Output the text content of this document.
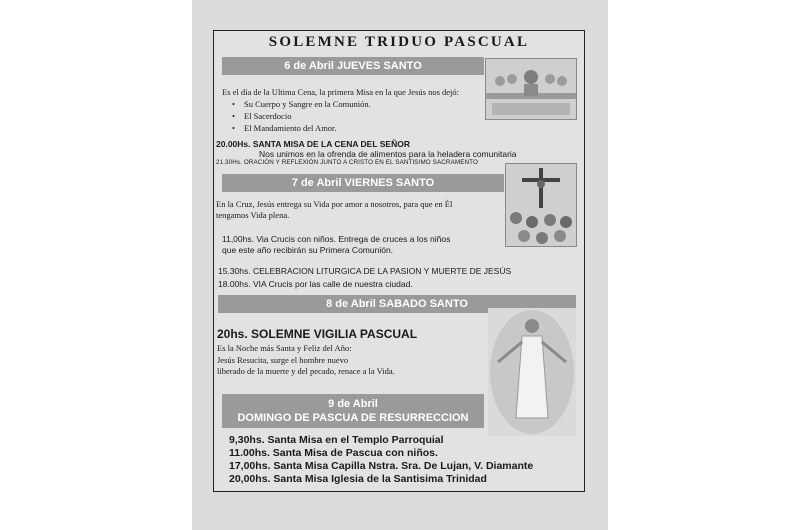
SOLEMNE TRIDUO PASCUAL
6 de Abril JUEVES SANTO
Es el día de la Ultima Cena, la primera Misa en la que Jesús nos dejó:
• Su Cuerpo y Sangre en la Comunión.
• El Sacerdocio
• El Mandamiento del Amor.
20.00Hs. SANTA MISA DE LA CENA DEL SEÑOR
Nos unimos en la ofrenda de alimentos para la heladera comunitaria
21.30Hs. ORACIÓN Y REFLEXIÓN JUNTO A CRISTO EN EL SANTISIMO SACRAMENTO
7 de Abril VIERNES SANTO
En la Cruz, Jesús entrega su Vida por amor a nosotros, para que en Él
tengamos Vida plena.
11,00hs. Via Crucis con niños. Entrega de cruces a los niños
que este año recibirán su Primera Comunión.
15.30hs. CELEBRACION LITURGICA DE LA PASION Y MUERTE DE JESÚS
18.00hs. VIA Crucis por las calle de nuestra ciudad.
8 de Abril SABADO SANTO
20hs. SOLEMNE VIGILIA PASCUAL
Es la Noche más Santa y Feliz del Año:
Jesús Resucita, surge el hombre nuevo
liberado de la muerte y del pecado, renace a la Vida.
9 de Abril
DOMINGO DE PASCUA DE RESURRECCION
9,30hs. Santa Misa en el Templo Parroquial
11.00hs. Santa Misa de Pascua con niños.
17,00hs. Santa Misa Capilla Nstra. Sra. De Lujan, V. Diamante
20,00hs. Santa Misa Iglesia de la Santisima Trinidad
